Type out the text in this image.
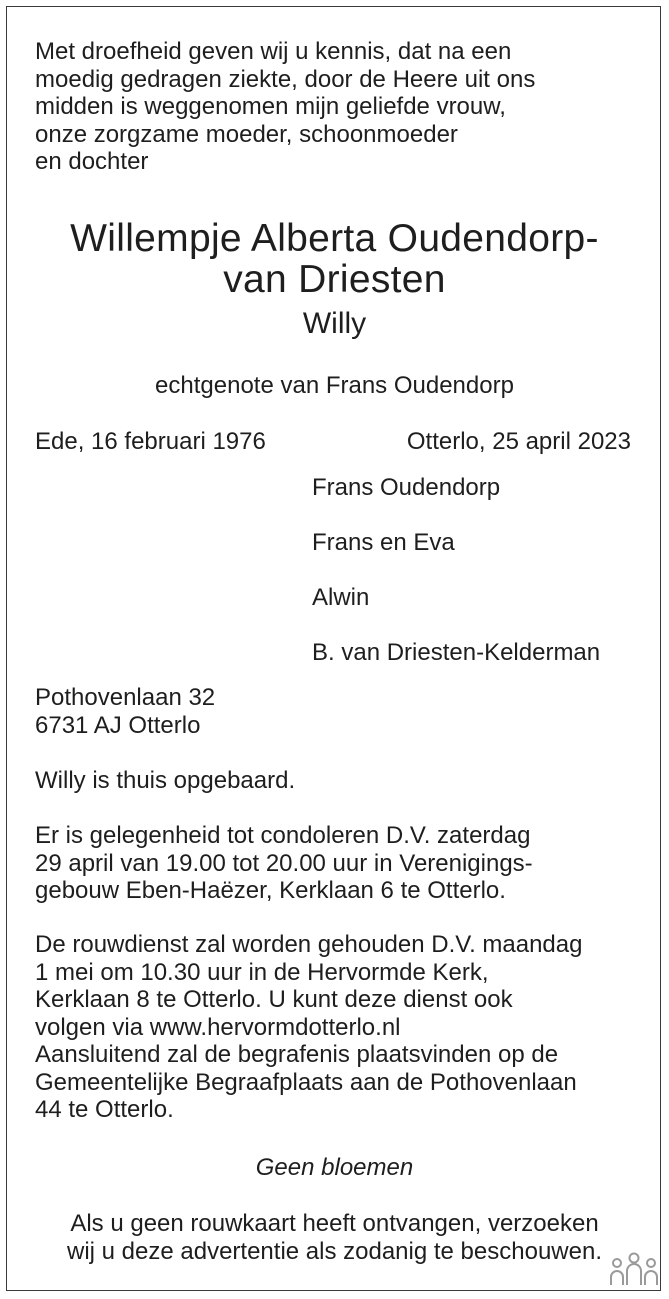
Met droefheid geven wij u kennis, dat na een
moedig gedragen ziekte, door de Heere uit ons
midden is weggenomen mijn geliefde vrouw,
onze zorgzame moeder, schoonmoeder
en dochter
Willempje Alberta Oudendorp-
van Driesten
Willy
echtgenote van Frans Oudendorp
Ede, 16 februari 1976	Otterlo, 25 april 2023
Frans Oudendorp
Frans en Eva
Alwin
B. van Driesten-Kelderman
Pothovenlaan 32
6731 AJ Otterlo
Willy is thuis opgebaard.
Er is gelegenheid tot condoleren D.V. zaterdag
29 april van 19.00 tot 20.00 uur in Verenigings-
gebouw Eben-Haëzer, Kerklaan 6 te Otterlo.
De rouwdienst zal worden gehouden D.V. maandag
1 mei om 10.30 uur in de Hervormde Kerk,
Kerklaan 8 te Otterlo. U kunt deze dienst ook
volgen via www.hervormdotterlo.nl
Aansluitend zal de begrafenis plaatsvinden op de
Gemeentelijke Begraafplaats aan de Pothovenlaan
44 te Otterlo.
Geen bloemen
Als u geen rouwkaart heeft ontvangen, verzoeken
wij u deze advertentie als zodanig te beschouwen.
